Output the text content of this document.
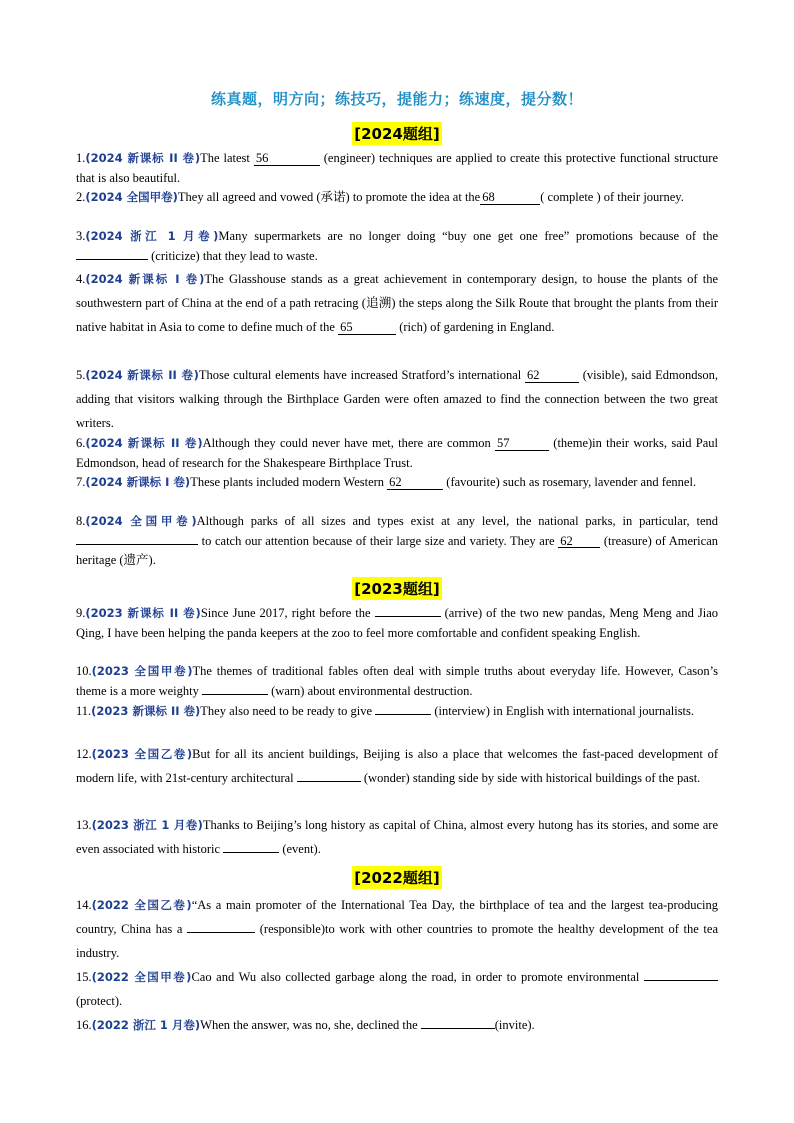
练真题，明方向；练技巧，提能力；练速度，提分数！
[2024题组]
[2023题组]
[2022题组]
1.(2024 新课标 II 卷)The latest 56	(engineer) techniques are applied to create this protective functional structure that is also beautiful.
2.(2024 全国甲卷)They all agreed and vowed (承诺) to promote the idea at the 68	( complete ) of their journey.
3.(2024 浙江 1 月卷)Many supermarkets are no longer doing “buy one get one free” promotions because of the  (criticize) that they lead to waste.
4.(2024 新课标 I 卷)The Glasshouse stands as a great achievement in contemporary design, to house the plants of the southwestern part of China at the end of a path retracing (追溯) the steps along the Silk Route that brought the plants from their native habitat in Asia to come to define much of the 65	(rich) of gardening in England.
5.(2024 新课标 II 卷)Those cultural elements have increased Stratford’s international 62	(visible), said Edmondson, adding that visitors walking through the Birthplace Garden were often amazed to find the connection between the two great writers.
6.(2024 新课标 II 卷)Although they could never have met, there are common 57	(theme)in their works, said Paul Edmondson, head of research for the Shakespeare Birthplace Trust.
7.(2024 新课标 I 卷)These plants included modern Western 62	(favourite) such as rosemary, lavender and fennel.
8.(2024 全国甲卷)Although parks of all sizes and types exist at any level, the national parks, in particular, tend  to catch our attention because of their large size and variety. They are 62 (treasure) of American heritage (遗产).
9.(2023 新课标 II 卷)Since June 2017, right before the	(arrive) of the two new pandas, Meng Meng and Jiao Qing, I have been helping the panda keepers at the zoo to feel more comfortable and confident speaking English.
10.(2023 全国甲卷)The themes of traditional fables often deal with simple truths about everyday life. However, Cason’s theme is a more weighty	(warn) about environmental destruction.
11.(2023 新课标 II 卷)They also need to be ready to give	(interview) in English with international journalists.
12.(2023 全国乙卷)But for all its ancient buildings, Beijing is also a place that welcomes the fast-paced development of modern life, with 21st-century architectural	(wonder) standing side by side with historical buildings of the past.
13.(2023 浙江 1 月卷)Thanks to Beijing’s long history as capital of China, almost every hutong has its stories, and some are even associated with historic	(event).
14.(2022 全国乙卷)“As a main promoter of the International Tea Day, the birthplace of tea and the largest tea-producing country, China has a	(responsible)to work with other countries to promote the healthy development of the tea industry.
15.(2022 全国甲卷)Cao and Wu also collected garbage along the road, in order to promote environmental  (protect).
16.(2022 浙江 1 月卷)When the answer, was no, she, declined the	(invite).
